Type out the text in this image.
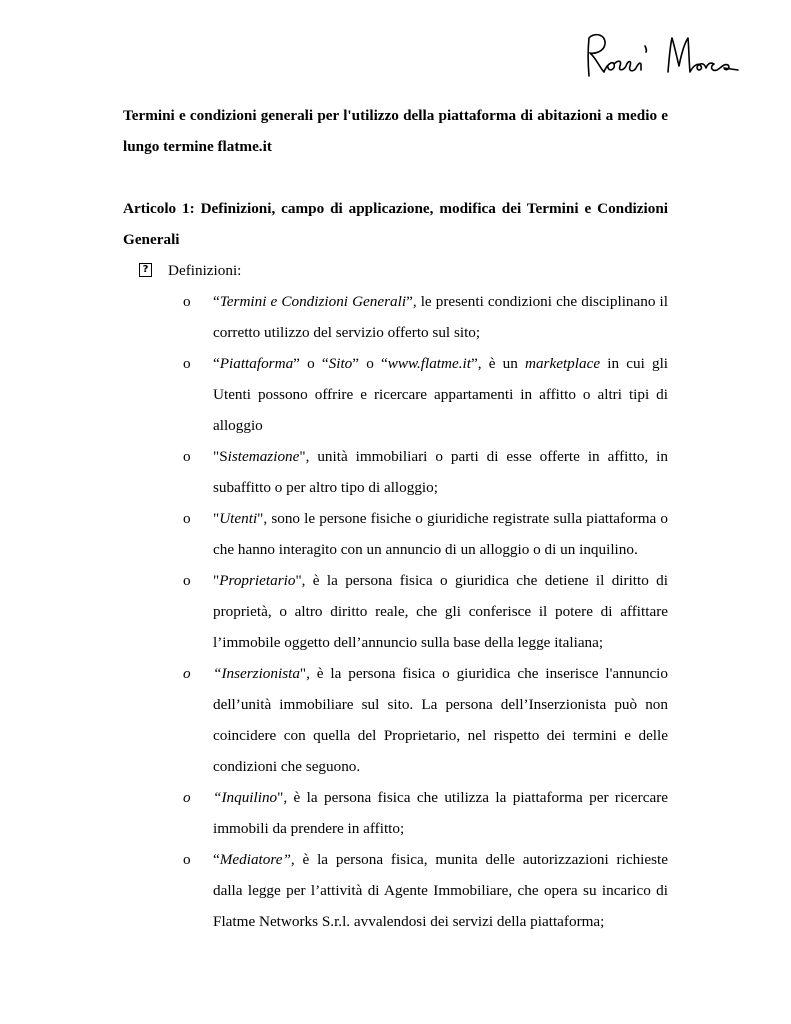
Termini e condizioni generali per l'utilizzo della piattaforma di abitazioni a medio e
lungo termine flatme.it
Articolo 1: Definizioni, campo di applicazione, modifica dei Termini e Condizioni
Generali
? Definizioni:
o “Termini e Condizioni Generali”, le presenti condizioni che disciplinano il
corretto utilizzo del servizio offerto sul sito;
o “Piattaforma” o “Sito” o “www.flatme.it”, è un marketplace in cui gli
Utenti possono offrire e ricercare appartamenti in affitto o altri tipi di
alloggio
o "Sistemazione", unità immobiliari o parti di esse offerte in affitto, in
subaffitto o per altro tipo di alloggio;
o "Utenti", sono le persone fisiche o giuridiche registrate sulla piattaforma o
che hanno interagito con un annuncio di un alloggio o di un inquilino.
o "Proprietario", è la persona fisica o giuridica che detiene il diritto di
proprietà, o altro diritto reale, che gli conferisce il potere di affittare
l’immobile oggetto dell’annuncio sulla base della legge italiana;
o “Inserzionista", è la persona fisica o giuridica che inserisce l'annuncio
dell’unità immobiliare sul sito. La persona dell’Inserzionista può non
coincidere con quella del Proprietario, nel rispetto dei termini e delle
condizioni che seguono.
o “Inquilino", è la persona fisica che utilizza la piattaforma per ricercare
immobili da prendere in affitto;
o “Mediatore”, è la persona fisica, munita delle autorizzazioni richieste
dalla legge per l’attività di Agente Immobiliare, che opera su incarico di
Flatme Networks S.r.l. avvalendosi dei servizi della piattaforma;
